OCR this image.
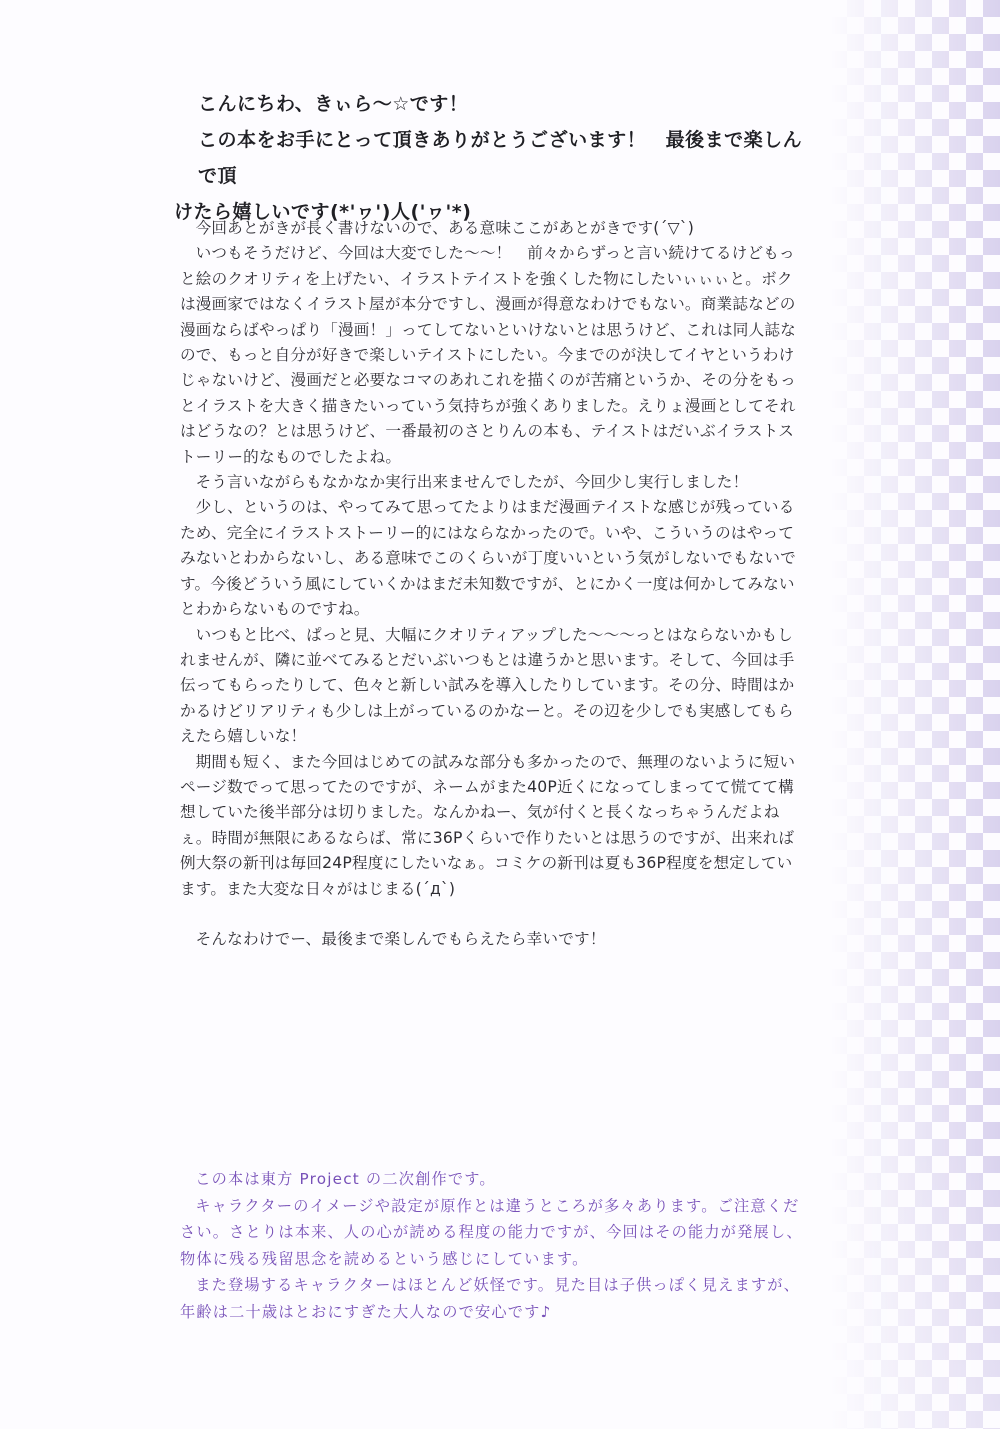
こんにちわ、きぃら～☆です！

この本をお手にとって頂きありがとうございます！　最後まで楽しんで頂

けたら嬉しいです(*'ヮ')人('ヮ'*)

今回あとがきが長く書けないので、ある意味ここがあとがきです(´▽`)

いつもそうだけど、今回は大変でした～～！　前々からずっと言い続けてるけどもっと絵のクオリティを上げたい、イラストテイストを強くした物にしたいぃぃぃと。ボクは漫画家ではなくイラスト屋が本分ですし、漫画が得意なわけでもない。商業誌などの漫画ならばやっぱり「漫画！」ってしてないといけないとは思うけど、これは同人誌なので、もっと自分が好きで楽しいテイストにしたい。今までのが決してイヤというわけじゃないけど、漫画だと必要なコマのあれこれを描くのが苦痛というか、その分をもっとイラストを大きく描きたいっていう気持ちが強くありました。えりょ漫画としてそれはどうなの？とは思うけど、一番最初のさとりんの本も、テイストはだいぶイラストストーリー的なものでしたよね。

そう言いながらもなかなか実行出来ませんでしたが、今回少し実行しました！

少し、というのは、やってみて思ってたよりはまだ漫画テイストな感じが残っているため、完全にイラストストーリー的にはならなかったので。いや、こういうのはやってみないとわからないし、ある意味でこのくらいが丁度いいという気がしないでもないです。今後どういう風にしていくかはまだ未知数ですが、とにかく一度は何かしてみないとわからないものですね。

いつもと比べ、ぱっと見、大幅にクオリティアップした～～～っとはならないかもしれませんが、隣に並べてみるとだいぶいつもとは違うかと思います。そして、今回は手伝ってもらったりして、色々と新しい試みを導入したりしています。その分、時間はかかるけどリアリティも少しは上がっているのかなーと。その辺を少しでも実感してもらえたら嬉しいな！

期間も短く、また今回はじめての試みな部分も多かったので、無理のないように短いページ数でって思ってたのですが、ネームがまた40P近くになってしまってて慌てて構想していた後半部分は切りました。なんかねー、気が付くと長くなっちゃうんだよねぇ。時間が無限にあるならば、常に36Pくらいで作りたいとは思うのですが、出来れば例大祭の新刊は毎回24P程度にしたいなぁ。コミケの新刊は夏も36P程度を想定しています。また大変な日々がはじまる(´д`)

そんなわけでー、最後まで楽しんでもらえたら幸いです！

この本は東方 Project の二次創作です。

キャラクターのイメージや設定が原作とは違うところが多々あります。ご注意ください。さとりは本来、人の心が読める程度の能力ですが、今回はその能力が発展し、物体に残る残留思念を読めるという感じにしています。

また登場するキャラクターはほとんど妖怪です。見た目は子供っぽく見えますが、年齢は二十歳はとおにすぎた大人なので安心です♪
